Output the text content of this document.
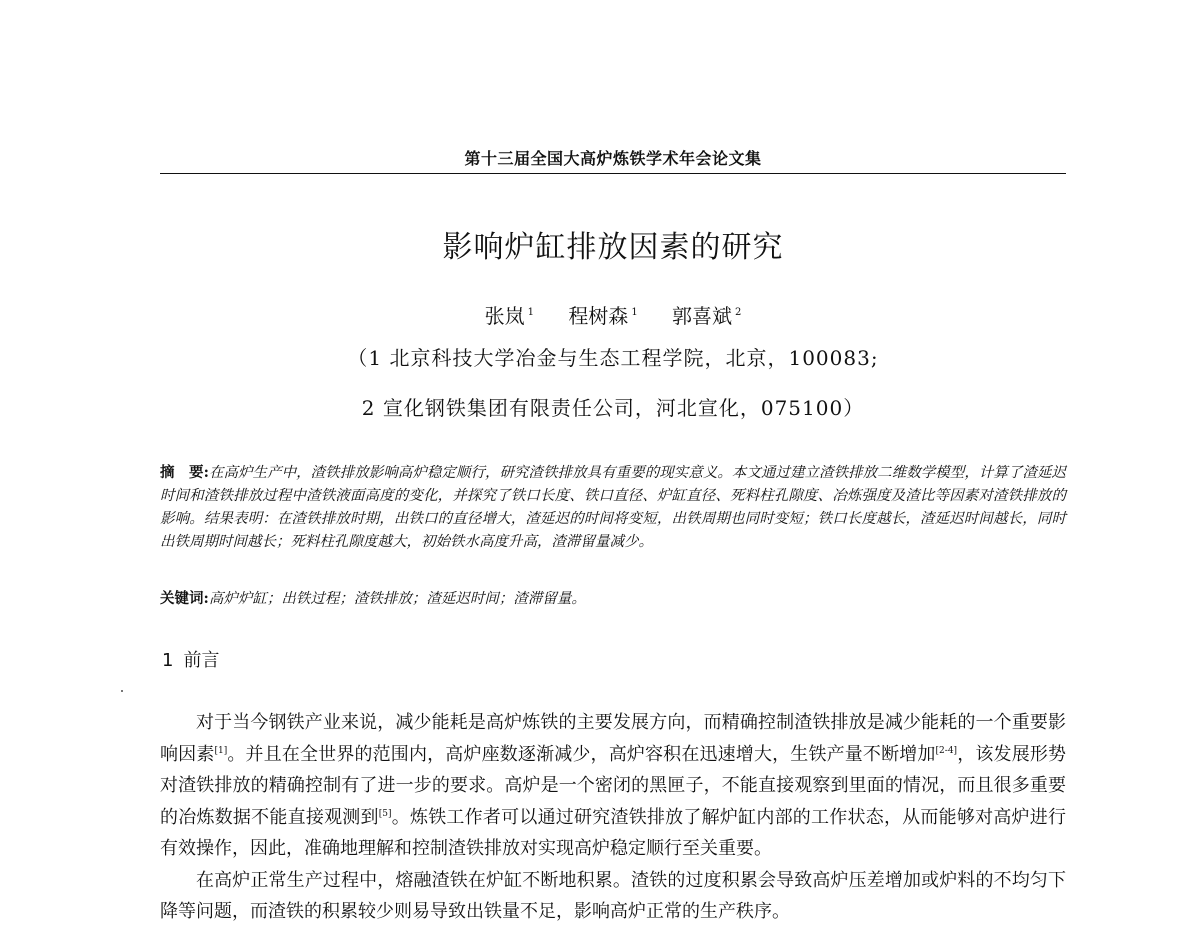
第十三届全国大高炉炼铁学术年会论文集
影响炉缸排放因素的研究
张岚 $^1$ 程树森 $^1$ 郭喜斌 $^2$
（1 北京科技大学冶金与生态工程学院，北京，100083;
2 宣化钢铁集团有限责任公司，河北宣化，075100）
摘　要:在高炉生产中，渣铁排放影响高炉稳定顺行，研究渣铁排放具有重要的现实意义。本文通过建立渣铁排放二维数学模型，计算了渣延迟时间和渣铁排放过程中渣铁液面高度的变化，并探究了铁口长度、铁口直径、炉缸直径、死料柱孔隙度、冶炼强度及渣比等因素对渣铁排放的影响。结果表明：在渣铁排放时期，出铁口的直径增大，渣延迟的时间将变短，出铁周期也同时变短；铁口长度越长，渣延迟时间越长，同时出铁周期时间越长；死料柱孔隙度越大，初始铁水高度升高，渣滞留量减少。
关键词:高炉炉缸；出铁过程；渣铁排放；渣延迟时间；渣滞留量。
1 前言

对于当今钢铁产业来说，减少能耗是高炉炼铁的主要发展方向，而精确控制渣铁排放是减少能耗的一个重要影响因素[1]。并且在全世界的范围内，高炉座数逐渐减少，高炉容积在迅速增大，生铁产量不断增加[2-4]，该发展形势对渣铁排放的精确控制有了进一步的要求。高炉是一个密闭的黑匣子，不能直接观察到里面的情况，而且很多重要的冶炼数据不能直接观测到[5]。炼铁工作者可以通过研究渣铁排放了解炉缸内部的工作状态，从而能够对高炉进行有效操作，因此，准确地理解和控制渣铁排放对实现高炉稳定顺行至关重要。

在高炉正常生产过程中，熔融渣铁在炉缸不断地积累。渣铁的过度积累会导致高炉压差增加或炉料的不均匀下降等问题，而渣铁的积累较少则易导致出铁量不足，影响高炉正常的生产秩序。
